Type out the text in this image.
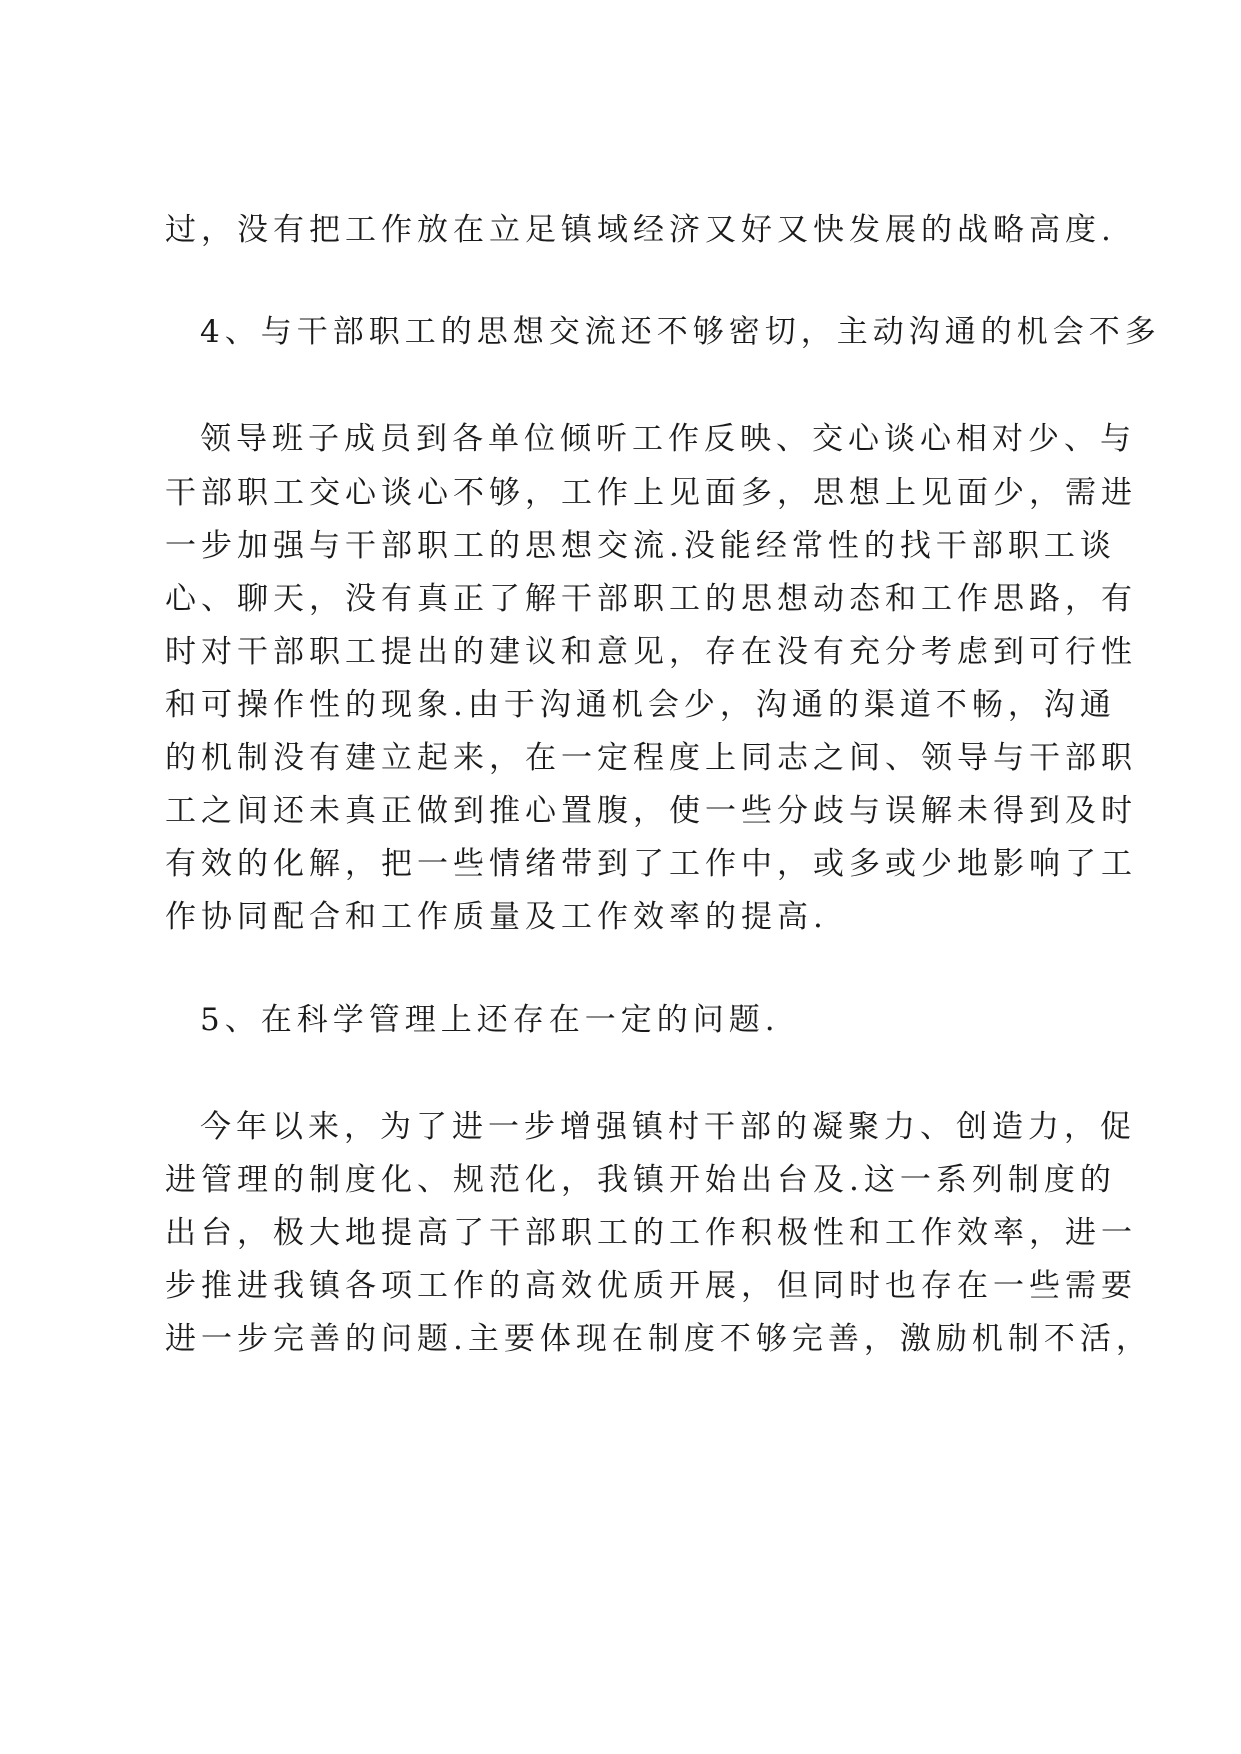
过，没有把工作放在立足镇域经济又好又快发展的战略高度.
4、与干部职工的思想交流还不够密切，主动沟通的机会不多
领导班子成员到各单位倾听工作反映、交心谈心相对少、与
干部职工交心谈心不够，工作上见面多，思想上见面少，需进
一步加强与干部职工的思想交流.没能经常性的找干部职工谈
心、聊天，没有真正了解干部职工的思想动态和工作思路，有
时对干部职工提出的建议和意见，存在没有充分考虑到可行性
和可操作性的现象.由于沟通机会少，沟通的渠道不畅，沟通
的机制没有建立起来，在一定程度上同志之间、领导与干部职
工之间还未真正做到推心置腹，使一些分歧与误解未得到及时
有效的化解，把一些情绪带到了工作中，或多或少地影响了工
作协同配合和工作质量及工作效率的提高.
5、在科学管理上还存在一定的问题.
今年以来，为了进一步增强镇村干部的凝聚力、创造力，促
进管理的制度化、规范化，我镇开始出台及.这一系列制度的
出台，极大地提高了干部职工的工作积极性和工作效率，进一
步推进我镇各项工作的高效优质开展，但同时也存在一些需要
进一步完善的问题.主要体现在制度不够完善，激励机制不活，
